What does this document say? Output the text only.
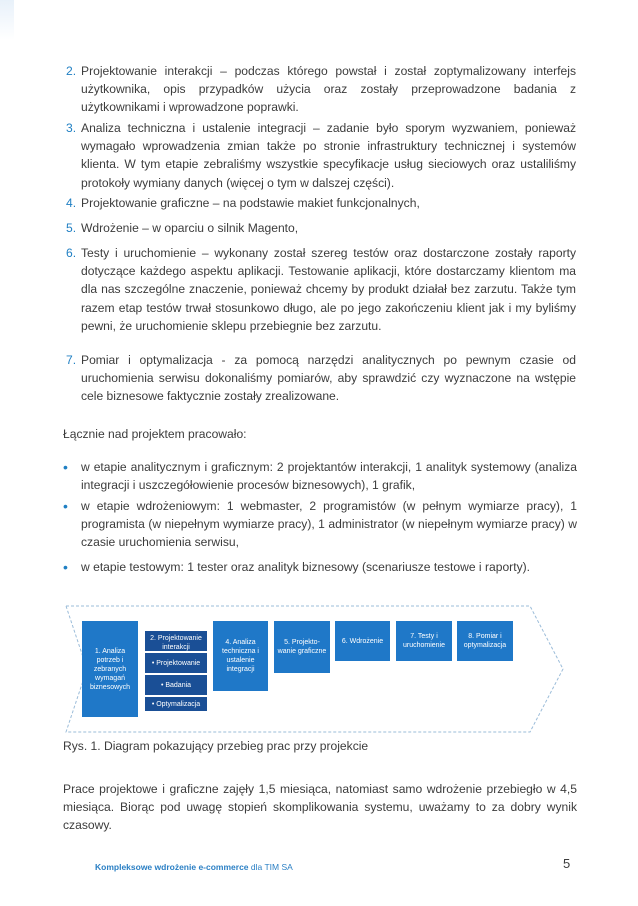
2. Projektowanie interakcji – podczas którego powstał i został zoptymalizowany interfejs użytkownika, opis przypadków użycia oraz zostały przeprowadzone badania z użytkownikami i wprowadzone poprawki.
3. Analiza techniczna i ustalenie integracji – zadanie było sporym wyzwaniem, ponieważ wymagało wprowadzenia zmian także po stronie infrastruktury technicznej i systemów klienta. W tym etapie zebraliśmy wszystkie specyfikacje usług sieciowych oraz ustaliliśmy protokoły wymiany danych (więcej o tym w dalszej części).
4. Projektowanie graficzne – na podstawie makiet funkcjonalnych,
5. Wdrożenie – w oparciu o silnik Magento,
6. Testy i uruchomienie – wykonany został szereg testów oraz dostarczone zostały raporty dotyczące każdego aspektu aplikacji. Testowanie aplikacji, które dostarczamy klientom ma dla nas szczególne znaczenie, ponieważ chcemy by produkt działał bez zarzutu. Także tym razem etap testów trwał stosunkowo długo, ale po jego zakończeniu klient jak i my byliśmy pewni, że uruchomienie sklepu przebiegnie bez zarzutu.
7. Pomiar i optymalizacja - za pomocą narzędzi analitycznych po pewnym czasie od uruchomienia serwisu dokonaliśmy pomiarów, aby sprawdzić czy wyznaczone na wstępie cele biznesowe faktycznie zostały zrealizowane.
Łącznie nad projektem pracowało:
• w etapie analitycznym i graficznym: 2 projektantów interakcji, 1 analityk systemowy (analiza integracji i uszczegółowienie procesów biznesowych), 1 grafik,
• w etapie wdrożeniowym: 1 webmaster, 2 programistów (w pełnym wymiarze pracy), 1 programista (w niepełnym wymiarze pracy), 1 administrator (w niepełnym wymiarze pracy) w czasie uruchomienia serwisu,
• w etapie testowym: 1 tester oraz analityk biznesowy (scenariusze testowe i raporty).
1. Analiza potrzeb i zebranych wymagań biznesowych
2. Projektowanie interakcji
• Projektowanie
• Badania
• Optymalizacja
4. Analiza techniczna i ustalenie integracji
5. Projektowanie graficzne
6. Wdrożenie
7. Testy i uruchomienie
8. Pomiar i optymalizacja
Rys. 1. Diagram pokazujący przebieg prac przy projekcie
Prace projektowe i graficzne zajęły 1,5 miesiąca, natomiast samo wdrożenie przebiegło w 4,5 miesiąca. Biorąc pod uwagę stopień skomplikowania systemu, uważamy to za dobry wynik czasowy.
Kompleksowe wdrożenie e-commerce dla TIM SA	5
